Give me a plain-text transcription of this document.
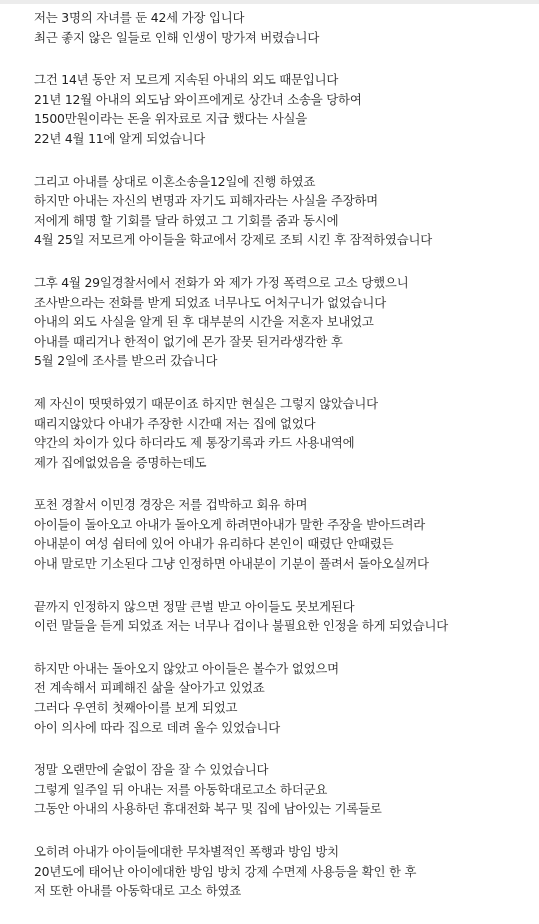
저는 3명의 자녀를 둔 42세 가장 입니다
최근 좋지 않은 일들로 인해 인생이 망가져 버렸습니다

그건 14년 동안 저 모르게 지속된 아내의 외도 때문입니다
21년 12월 아내의 외도남 와이프에게로 상간녀 소송을 당하여
1500만원이라는 돈을 위자료로 지급 했다는 사실을
22년 4월 11에 알게 되었습니다

그리고 아내를 상대로 이혼소송을12일에 진행 하였죠
하지만 아내는 자신의 변명과 자기도 피해자라는 사실을 주장하며
저에게 해명 할 기회를 달라 하였고 그 기회를 줌과 동시에
4월 25일 저모르게 아이들을 학교에서 강제로 조퇴 시킨 후 잠적하였습니다

그후 4월 29일경찰서에서 전화가 와 제가 가정 폭력으로 고소 당했으니
조사받으라는 전화를 받게 되었죠 너무나도 어처구니가 없었습니다
아내의 외도 사실을 알게 된 후 대부분의 시간을 저혼자 보내었고
아내를 때리거나 한적이 없기에 몬가 잘못 된거라생각한 후
5월 2일에 조사를 받으러 갔습니다

제 자신이 떳떳하였기 때문이죠 하지만 현실은 그렇지 않았습니다
때리지않았다 아내가 주장한 시간때 저는 집에 없었다
약간의 차이가 있다 하더라도 제 통장기록과 카드 사용내역에
제가 집에없었음을 증명하는데도

포천 경찰서 이민경 경장은 저를 겁박하고 회유 하며
아이들이 돌아오고 아내가 돌아오게 하려면아내가 말한 주장을 받아드려라
아내분이 여성 쉼터에 있어 아내가 유리하다 본인이 때렸단 안때렸든
아내 말로만 기소된다 그냥 인정하면 아내분이 기분이 풀려서 돌아오실꺼다

끝까지 인정하지 않으면 정말 큰벌 받고 아이들도 못보게된다
이런 말들을 듣게 되었죠 저는 너무나 겁이나 불필요한 인정을 하게 되었습니다

하지만 아내는 돌아오지 않았고 아이들은 볼수가 없었으며
전 계속해서 피폐해진 삶을 살아가고 있었죠
그러다 우연히 첫째아이를 보게 되었고
아이 의사에 따라 집으로 데려 올수 있었습니다

정말 오랜만에 술없이 잠을 잘 수 있었습니다
그렇게 일주일 뒤 아내는 저를 아동학대로고소 하더군요
그동안 아내의 사용하던 휴대전화 복구 및 집에 남아있는 기록들로

오히려 아내가 아이들에대한 무차별적인 폭행과 방임 방치
20년도에 태어난 아이에대한 방임 방치 강제 수면제 사용등을 확인 한 후
저 또한 아내를 아동학대로 고소 하였죠
